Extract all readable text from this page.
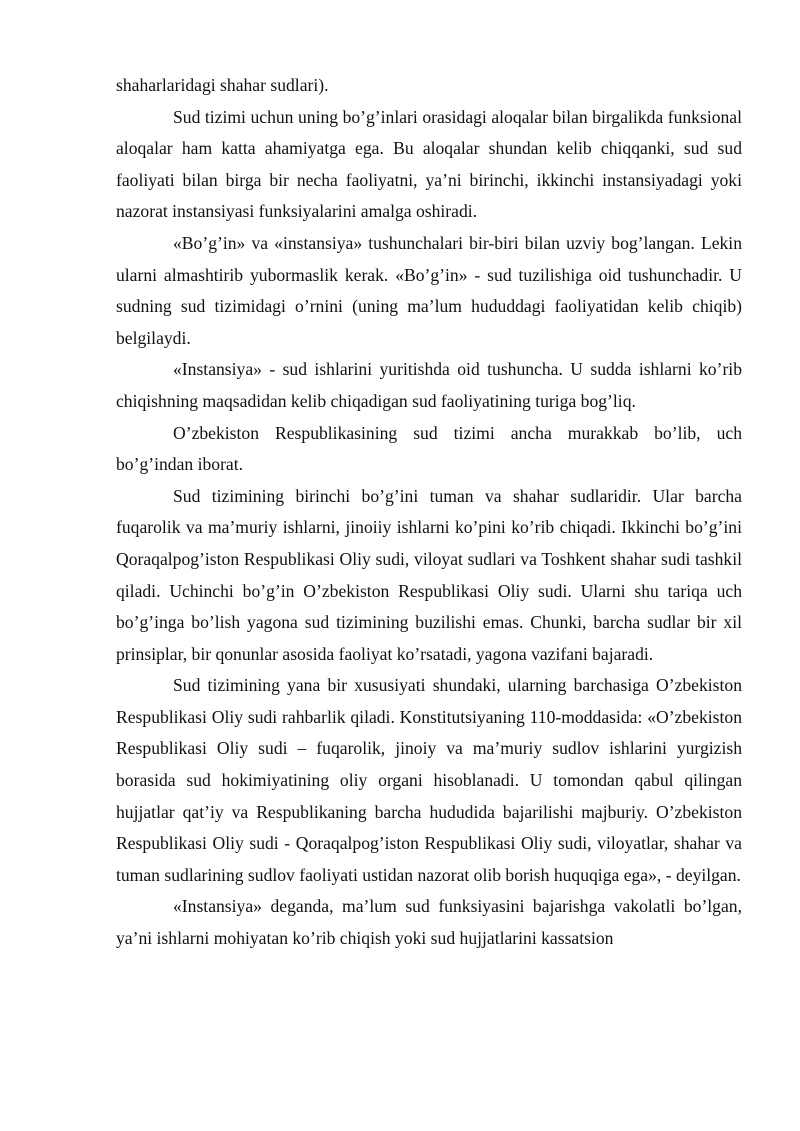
shaharlaridagi shahar sudlari).

Sud tizimi uchun uning bo’g’inlari orasidagi aloqalar bilan birgalikda funksional aloqalar ham katta ahamiyatga ega. Bu aloqalar shundan kelib chiqqanki, sud sud faoliyati bilan birga bir necha faoliyatni, ya’ni birinchi, ikkinchi instansiyadagi yoki nazorat instansiyasi funksiyalarini amalga oshiradi.

«Bo’g’in» va «instansiya» tushunchalari bir-biri bilan uzviy bog’langan. Lekin ularni almashtirib yubormaslik kerak. «Bo’g’in» - sud tuzilishiga oid tushunchadir. U sudning sud tizimidagi o’rnini (uning ma’lum hududdagi faoliyatidan kelib chiqib) belgilaydi.

«Instansiya» - sud ishlarini yuritishda oid tushuncha. U sudda ishlarni ko’rib chiqishning maqsadidan kelib chiqadigan sud faoliyatining turiga bog’liq.

O’zbekiston Respublikasining sud tizimi ancha murakkab bo’lib, uch bo’g’indan iborat.

Sud tizimining birinchi bo’g’ini tuman va shahar sudlaridir. Ular barcha fuqarolik va ma’muriy ishlarni, jinoiiy ishlarni ko’pini ko’rib chiqadi. Ikkinchi bo’g’ini Qoraqalpog’iston Respublikasi Oliy sudi, viloyat sudlari va Toshkent shahar sudi tashkil qiladi. Uchinchi bo’g’in O’zbekiston Respublikasi Oliy sudi. Ularni shu tariqa uch bo’g’inga bo’lish yagona sud tizimining buzilishi emas. Chunki, barcha sudlar bir xil prinsiplar, bir qonunlar asosida faoliyat ko’rsatadi, yagona vazifani bajaradi.

Sud tizimining yana bir xususiyati shundaki, ularning barchasiga O’zbekiston Respublikasi Oliy sudi rahbarlik qiladi. Konstitutsiyaning 110-moddasida: «O’zbekiston Respublikasi Oliy sudi – fuqarolik, jinoiy va ma’muriy sudlov ishlarini yurgizish borasida sud hokimiyatining oliy organi hisoblanadi. U tomondan qabul qilingan hujjatlar qat’iy va Respublikaning barcha hududida bajarilishi majburiy. O’zbekiston Respublikasi Oliy sudi - Qoraqalpog’iston Respublikasi Oliy sudi, viloyatlar, shahar va tuman sudlarining sudlov faoliyati ustidan nazorat olib borish huquqiga ega», - deyilgan.

«Instansiya» deganda, ma’lum sud funksiyasini bajarishga vakolatli bo’lgan, ya’ni ishlarni mohiyatan ko’rib chiqish yoki sud hujjatlarini kassatsion
